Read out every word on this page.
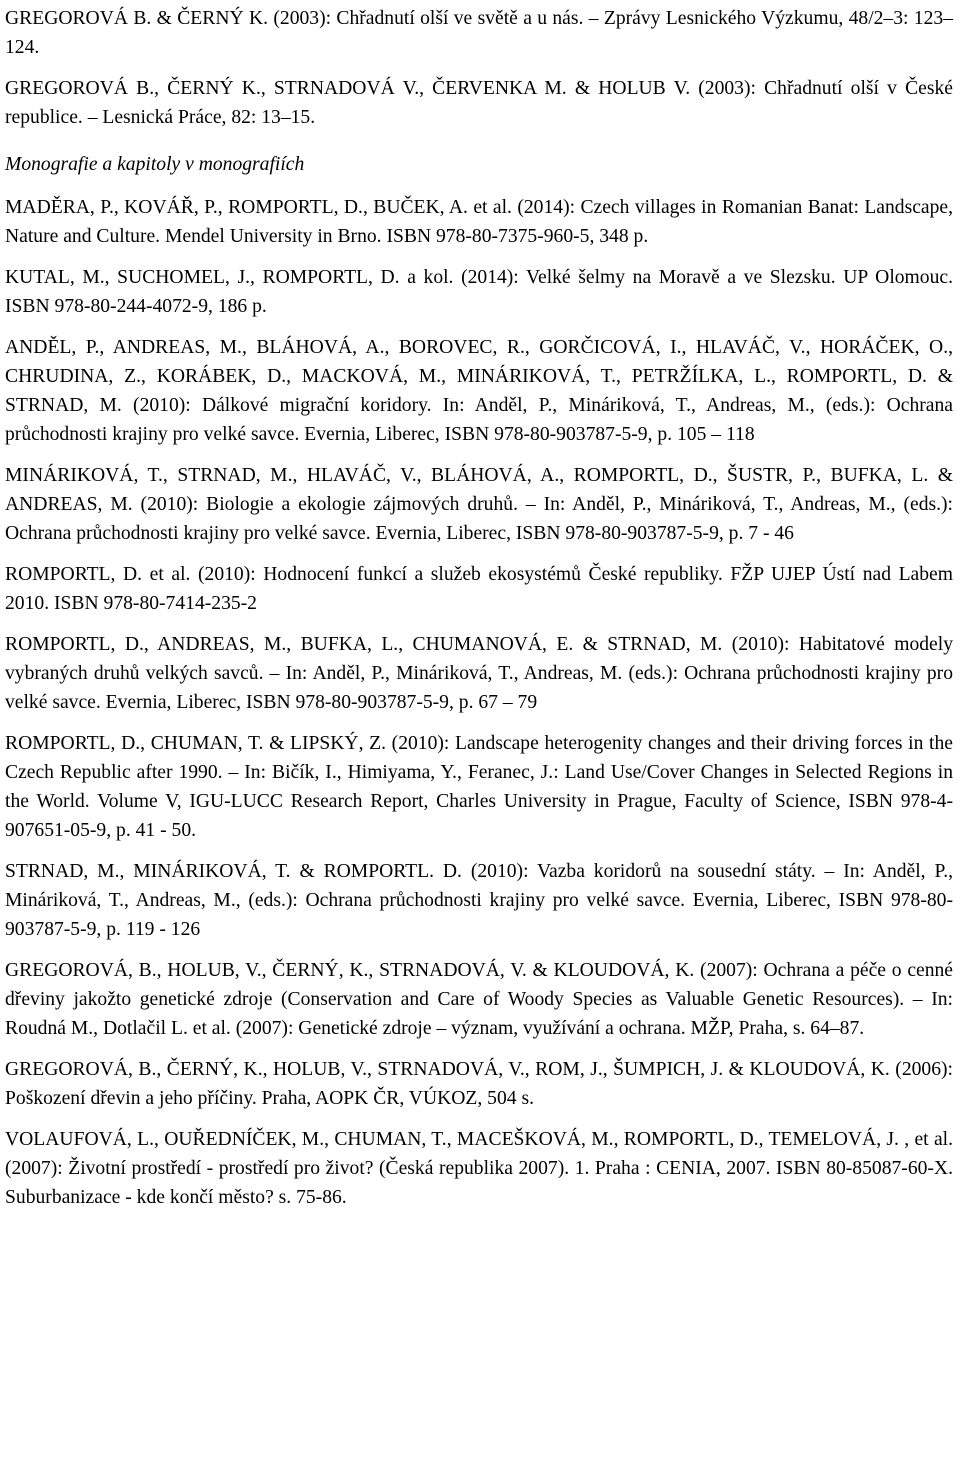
GREGOROVÁ B. & ČERNÝ K. (2003): Chřadnutí olší ve světě a u nás. – Zprávy Lesnického Výzkumu, 48/2–3: 123–124.

GREGOROVÁ B., ČERNÝ K., STRNADOVÁ V., ČERVENKA M. & HOLUB V. (2003): Chřadnutí olší v České republice. – Lesnická Práce, 82: 13–15.

Monografie a kapitoly v monografiích

MADĚRA, P., KOVÁŘ, P., ROMPORTL, D., BUČEK, A. et al. (2014): Czech villages in Romanian Banat: Landscape, Nature and Culture. Mendel University in Brno. ISBN 978-80-7375-960-5, 348 p.

KUTAL, M., SUCHOMEL, J., ROMPORTL, D. a kol. (2014): Velké šelmy na Moravě a ve Slezsku. UP Olomouc. ISBN 978-80-244-4072-9, 186 p.

ANDĚL, P., ANDREAS, M., BLÁHOVÁ, A., BOROVEC, R., GORČICOVÁ, I., HLAVÁČ, V., HORÁČEK, O., CHRUDINA, Z., KORÁBEK, D., MACKOVÁ, M., MINÁRIKOVÁ, T., PETRŽÍLKA, L., ROMPORTL, D. & STRNAD, M. (2010): Dálkové migrační koridory. In: Anděl, P., Mináriková, T., Andreas, M., (eds.): Ochrana průchodnosti krajiny pro velké savce. Evernia, Liberec, ISBN 978-80-903787-5-9, p. 105 – 118

MINÁRIKOVÁ, T., STRNAD, M., HLAVÁČ, V., BLÁHOVÁ, A., ROMPORTL, D., ŠUSTR, P., BUFKA, L. & ANDREAS, M. (2010): Biologie a ekologie zájmových druhů. – In: Anděl, P., Mináriková, T., Andreas, M., (eds.): Ochrana průchodnosti krajiny pro velké savce. Evernia, Liberec, ISBN 978-80-903787-5-9, p. 7 - 46

ROMPORTL, D. et al. (2010): Hodnocení funkcí a služeb ekosystémů České republiky. FŽP UJEP Ústí nad Labem 2010. ISBN 978-80-7414-235-2

ROMPORTL, D., ANDREAS, M., BUFKA, L., CHUMANOVÁ, E. & STRNAD, M. (2010): Habitatové modely vybraných druhů velkých savců. – In: Anděl, P., Mináriková, T., Andreas, M. (eds.): Ochrana průchodnosti krajiny pro velké savce. Evernia, Liberec, ISBN 978-80-903787-5-9, p. 67 – 79

ROMPORTL, D., CHUMAN, T. & LIPSKÝ, Z. (2010): Landscape heterogenity changes and their driving forces in the Czech Republic after 1990. – In: Bičík, I., Himiyama, Y., Feranec, J.: Land Use/Cover Changes in Selected Regions in the World. Volume V, IGU-LUCC Research Report, Charles University in Prague, Faculty of Science, ISBN 978-4-907651-05-9, p. 41 - 50.

STRNAD, M., MINÁRIKOVÁ, T. & ROMPORTL. D. (2010): Vazba koridorů na sousední státy. – In: Anděl, P., Mináriková, T., Andreas, M., (eds.): Ochrana průchodnosti krajiny pro velké savce. Evernia, Liberec, ISBN 978-80-903787-5-9, p. 119 - 126

GREGOROVÁ, B., HOLUB, V., ČERNÝ, K., STRNADOVÁ, V. & KLOUDOVÁ, K. (2007): Ochrana a péče o cenné dřeviny jakožto genetické zdroje (Conservation and Care of Woody Species as Valuable Genetic Resources). – In: Roudná M., Dotlačil L. et al. (2007): Genetické zdroje – význam, využívání a ochrana. MŽP, Praha, s. 64–87.

GREGOROVÁ, B., ČERNÝ, K., HOLUB, V., STRNADOVÁ, V., ROM, J., ŠUMPICH, J. & KLOUDOVÁ, K. (2006): Poškození dřevin a jeho příčiny. Praha, AOPK ČR, VÚKOZ, 504 s.

VOLAUFOVÁ, L., OUŘEDNÍČEK, M., CHUMAN, T., MACEŠKOVÁ, M., ROMPORTL, D., TEMELOVÁ, J. , et al. (2007): Životní prostředí - prostředí pro život? (Česká republika 2007). 1. Praha : CENIA, 2007. ISBN 80-85087-60-X. Suburbanizace - kde končí město? s. 75-86.
